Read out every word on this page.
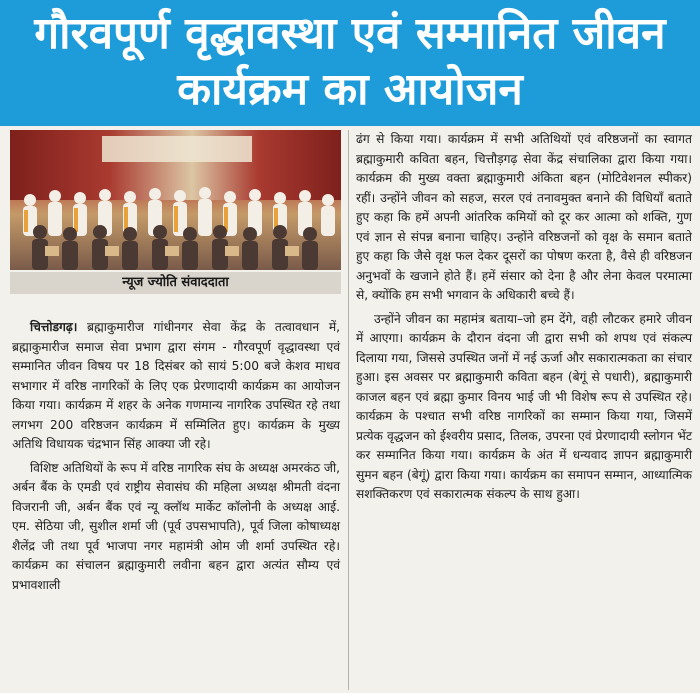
गौरवपूर्ण वृद्धावस्था एवं सम्मानित जीवन
कार्यक्रम का आयोजन
न्यूज ज्योति संवाददाता

चित्तोडगढ़। ब्रह्माकुमारीज गांधीनगर सेवा केंद्र के तत्वावधान में, ब्रह्माकुमारीज समाज सेवा प्रभाग द्वारा संगम - गौरवपूर्ण वृद्धावस्था एवं सम्मानित जीवन विषय पर 18 दिसंबर को सायं 5:00 बजे केशव माधव सभागार में वरिष्ठ नागरिकों के लिए एक प्रेरणादायी कार्यक्रम का आयोजन किया गया। कार्यक्रम में शहर के अनेक गणमान्य नागरिक उपस्थित रहे तथा लगभग 200 वरिष्ठजन कार्यक्रम में सम्मिलित हुए। कार्यक्रम के मुख्य अतिथि विधायक चंद्रभान सिंह आक्या जी रहे।

विशिष्ट अतिथियों के रूप में वरिष्ठ नागरिक संघ के अध्यक्ष अमरकंठ जी, अर्बन बैंक के एमडी एवं राष्ट्रीय सेवासंघ की महिला अध्यक्ष श्रीमती वंदना विजरानी जी, अर्बन बैंक एवं न्यू क्लॉथ मार्केट कॉलोनी के अध्यक्ष आई. एम. सेठिया जी, सुशील शर्मा जी (पूर्व उपसभापति), पूर्व जिला कोषाध्यक्ष शैलेंद्र जी तथा पूर्व भाजपा नगर महामंत्री ओम जी शर्मा उपस्थित रहे। कार्यक्रम का संचालन ब्रह्माकुमारी लवीना बहन द्वारा अत्यंत सौम्य एवं प्रभावशाली

ढंग से किया गया। कार्यक्रम में सभी अतिथियों एवं वरिष्ठजनों का स्वागत ब्रह्माकुमारी कविता बहन, चित्तौड़गढ़ सेवा केंद्र संचालिका द्वारा किया गया। कार्यक्रम की मुख्य वक्ता ब्रह्माकुमारी अंकिता बहन (मोटिवेशनल स्पीकर) रहीं। उन्होंने जीवन को सहज, सरल एवं तनावमुक्त बनाने की विधियाँ बताते हुए कहा कि हमें अपनी आंतरिक कमियों को दूर कर आत्मा को शक्ति, गुण एवं ज्ञान से संपन्न बनाना चाहिए। उन्होंने वरिष्ठजनों को वृक्ष के समान बताते हुए कहा कि जैसे वृक्ष फल देकर दूसरों का पोषण करता है, वैसे ही वरिष्ठजन अनुभवों के खजाने होते हैं। हमें संसार को देना है और लेना केवल परमात्मा से, क्योंकि हम सभी भगवान के अधिकारी बच्चे हैं।

उन्होंने जीवन का महामंत्र बताया–जो हम देंगे, वही लौटकर हमारे जीवन में आएगा। कार्यक्रम के दौरान वंदना जी द्वारा सभी को शपथ एवं संकल्प दिलाया गया, जिससे उपस्थित जनों में नई ऊर्जा और सकारात्मकता का संचार हुआ। इस अवसर पर ब्रह्माकुमारी कविता बहन (बेगूं से पधारी), ब्रह्माकुमारी काजल बहन एवं ब्रह्मा कुमार विनय भाई जी भी विशेष रूप से उपस्थित रहे। कार्यक्रम के पश्चात सभी वरिष्ठ नागरिकों का सम्मान किया गया, जिसमें प्रत्येक वृद्धजन को ईश्वरीय प्रसाद, तिलक, उपरना एवं प्रेरणादायी स्लोगन भेंट कर सम्मानित किया गया। कार्यक्रम के अंत में धन्यवाद ज्ञापन ब्रह्माकुमारी सुमन बहन (बेगूं) द्वारा किया गया। कार्यक्रम का समापन सम्मान, आध्यात्मिक सशक्तिकरण एवं सकारात्मक संकल्प के साथ हुआ।
